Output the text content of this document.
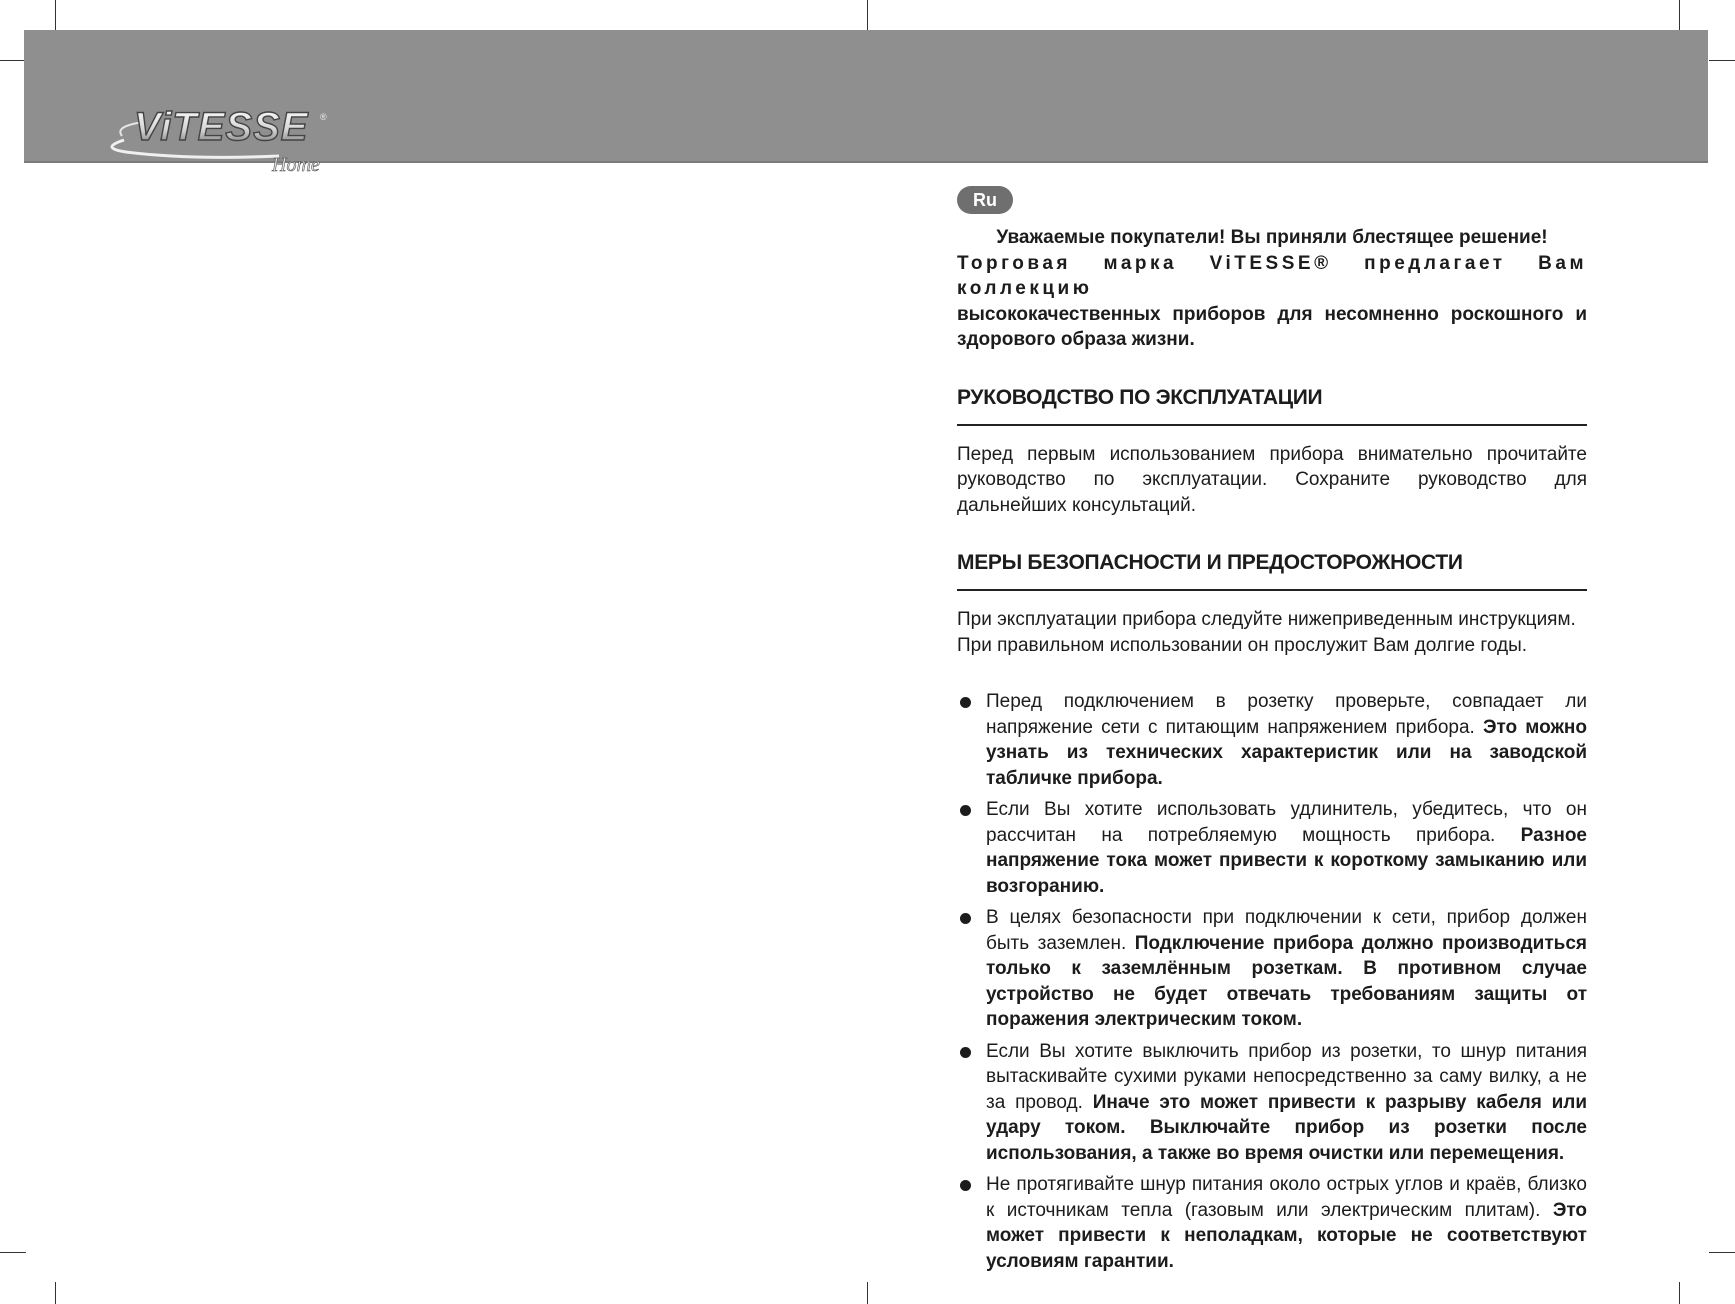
ViTESSE ®
Home
Ru
Уважаемые покупатели! Вы приняли блестящее решение!
Торговая марка ViTESSE® предлагает Вам коллекцию
высококачественных приборов для несомненно роскошного и здорового образа жизни.
РУКОВОДСТВО ПО ЭКСПЛУАТАЦИИ
Перед первым использованием прибора внимательно прочитайте руководство по эксплуатации. Сохраните руководство для дальнейших консультаций.
МЕРЫ БЕЗОПАСНОСТИ И ПРЕДОСТОРОЖНОСТИ
При эксплуатации прибора следуйте нижеприведенным инструкциям.
При правильном использовании он прослужит Вам долгие годы.
Перед подключением в розетку проверьте, совпадает ли напряжение сети с питающим напряжением прибора. Это можно узнать из технических характеристик или на заводской табличке прибора.
Если Вы хотите использовать удлинитель, убедитесь, что он рассчитан на потребляемую мощность прибора. Разное напряжение тока может привести к короткому замыканию или возгоранию.
В целях безопасности при подключении к сети, прибор должен быть заземлен. Подключение прибора должно производиться только к заземлённым розеткам. В противном случае устройство не будет отвечать требованиям защиты от поражения электрическим током.
Если Вы хотите выключить прибор из розетки, то шнур питания вытаскивайте сухими руками непосредственно за саму вилку, а не за провод. Иначе это может привести к разрыву кабеля или удару током. Выключайте прибор из розетки после использования, а также во время очистки или перемещения.
Не протягивайте шнур питания около острых углов и краёв, близко к источникам тепла (газовым или электрическим плитам). Это может привести к неполадкам, которые не соответствуют условиям гарантии.
